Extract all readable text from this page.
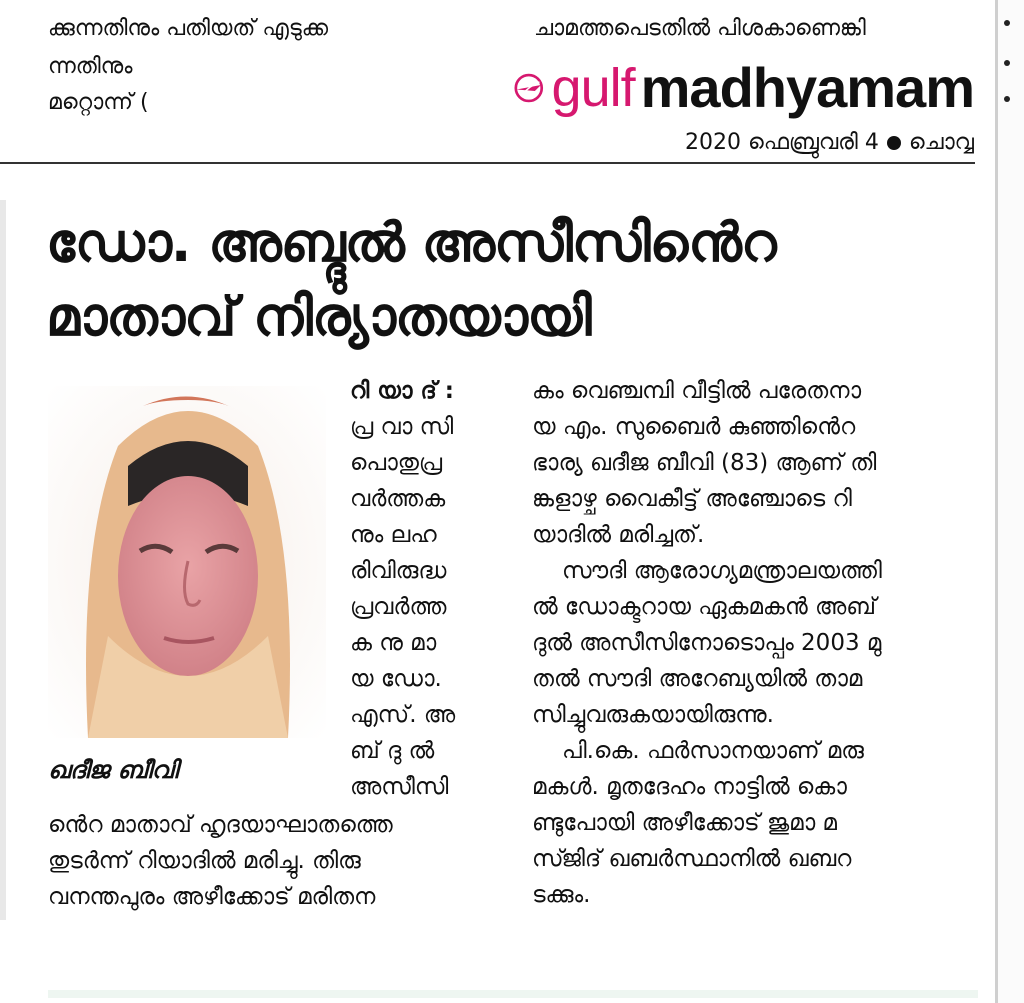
ക്കുന്നതിനും പതിയത് എടുക്ക
ന്നതിനും
മറ്റൊന്ന് (
ചാമത്തപെടതിൽ പിശകാണെങ്കി
gulf madhyamam
2020 ഫെബ്രുവരി 4 ചൊവ്വ
ഡോ. അബ്ദുൽ അസീസിൻെറ
മാതാവ് നിര്യാതയായി
ഖദീജ ബീവി
റി യാ ദ് :
പ്ര വാ സി
പൊതുപ്ര
വർത്തക
നും ലഹ
രിവിരുദ്ധ
പ്രവർത്ത
ക നു മാ
യ ഡോ.
എസ്. അ
ബ് ദു ൽ
അസീസി
ൻെറ മാതാവ് ഹൃദയാഘാതത്തെ
തുടർന്ന് റിയാദിൽ മരിച്ചു. തിരു
വനന്തപുരം അഴീക്കോട് മരിതന
കം വെഞ്ചമ്പി വീട്ടിൽ പരേതനാ
യ എം. സുബൈർ കുഞ്ഞിൻെറ
ഭാര്യ ഖദീജ ബീവി (83) ആണ് തി
ങ്കളാഴ്ച വൈകീട്ട് അഞ്ചോടെ റി
യാദിൽ മരിച്ചത്.
സൗദി ആരോഗ്യമന്ത്രാലയത്തി
ൽ ഡോക്ടറായ ഏകമകൻ അബ്
ദുൽ അസീസിനോടൊപ്പം 2003 മു
തൽ സൗദി അറേബ്യയിൽ താമ
സിച്ചുവരുകയായിരുന്നു.
പി.കെ. ഫർസാനയാണ് മരു
മകൾ. മൃതദേഹം നാട്ടിൽ കൊ
ണ്ടുപോയി അഴീക്കോട് ജുമാ മ
സ്ജിദ് ഖബർസ്ഥാനിൽ ഖബറ
ടക്കും.
